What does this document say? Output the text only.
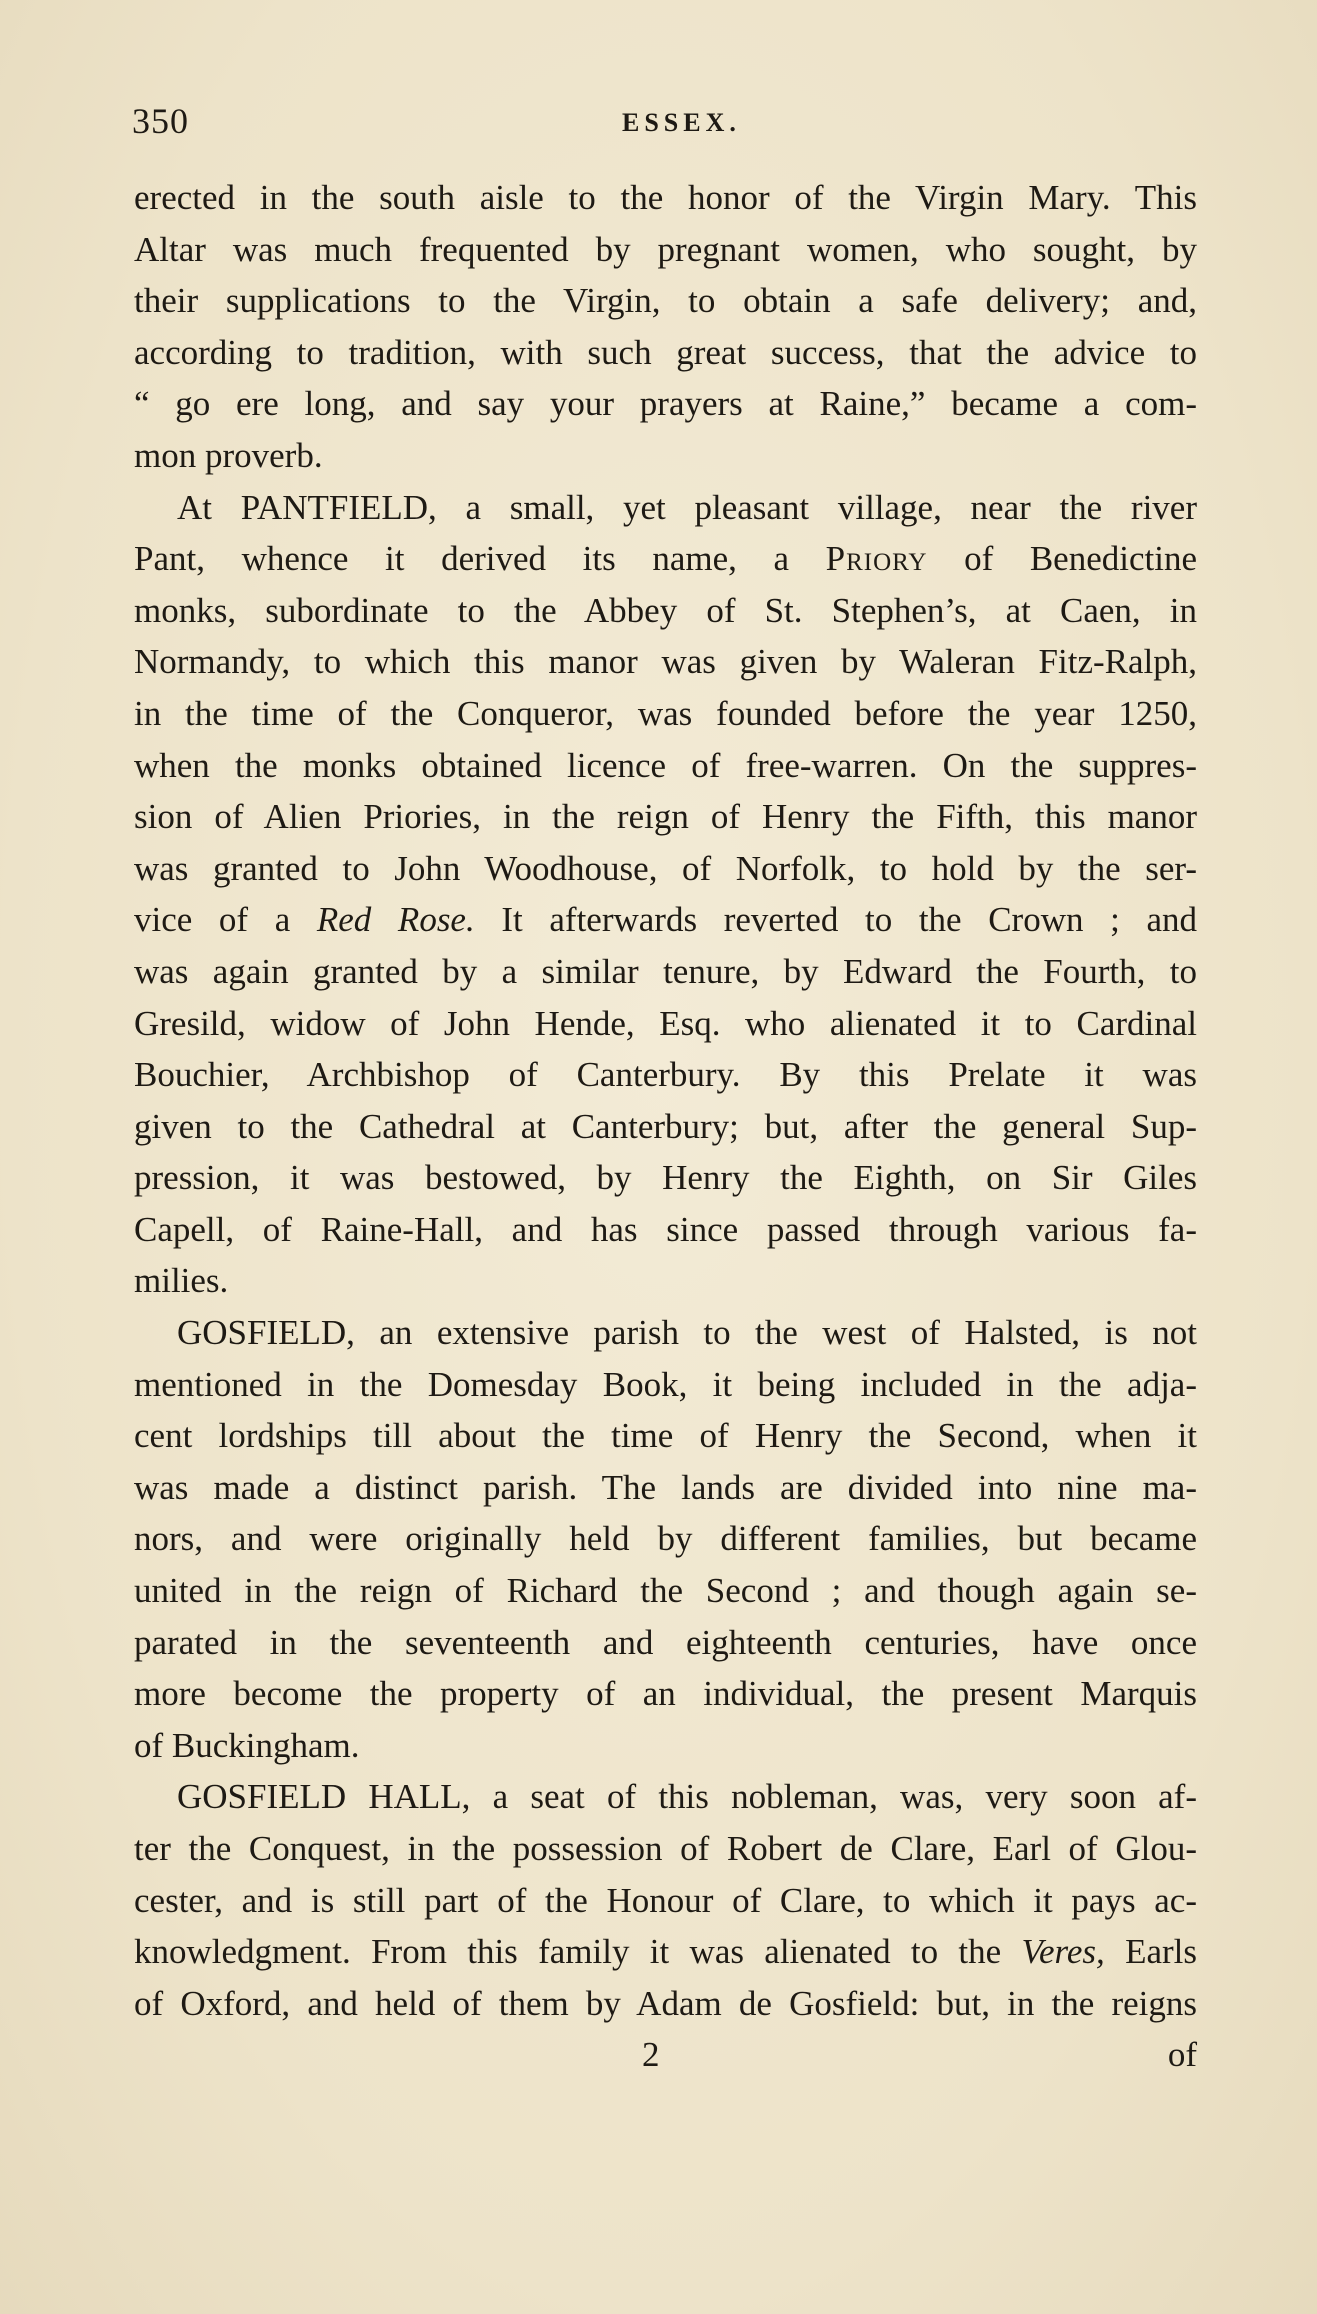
350	ESSEX.
erected in the south aisle to the honor of the Virgin Mary. This
Altar was much frequented by pregnant women, who sought, by
their supplications to the Virgin, to obtain a safe delivery; and,
according to tradition, with such great success, that the advice to
“ go ere long, and say your prayers at Raine,” became a com-
mon proverb.
At PANTFIELD, a small, yet pleasant village, near the river
Pant, whence it derived its name, a Priory of Benedictine
monks, subordinate to the Abbey of St. Stephen’s, at Caen, in
Normandy, to which this manor was given by Waleran Fitz-Ralph,
in the time of the Conqueror, was founded before the year 1250,
when the monks obtained licence of free-warren. On the suppres-
sion of Alien Priories, in the reign of Henry the Fifth, this manor
was granted to John Woodhouse, of Norfolk, to hold by the ser-
vice of a Red Rose. It afterwards reverted to the Crown ; and
was again granted by a similar tenure, by Edward the Fourth, to
Gresild, widow of John Hende, Esq. who alienated it to Cardinal
Bouchier, Archbishop of Canterbury. By this Prelate it was
given to the Cathedral at Canterbury; but, after the general Sup-
pression, it was bestowed, by Henry the Eighth, on Sir Giles
Capell, of Raine-Hall, and has since passed through various fa-
milies.
GOSFIELD, an extensive parish to the west of Halsted, is not
mentioned in the Domesday Book, it being included in the adja-
cent lordships till about the time of Henry the Second, when it
was made a distinct parish. The lands are divided into nine ma-
nors, and were originally held by different families, but became
united in the reign of Richard the Second ; and though again se-
parated in the seventeenth and eighteenth centuries, have once
more become the property of an individual, the present Marquis
of Buckingham.
GOSFIELD HALL, a seat of this nobleman, was, very soon af-
ter the Conquest, in the possession of Robert de Clare, Earl of Glou-
cester, and is still part of the Honour of Clare, to which it pays ac-
knowledgment. From this family it was alienated to the Veres, Earls
of Oxford, and held of them by Adam de Gosfield: but, in the reigns
2	of
